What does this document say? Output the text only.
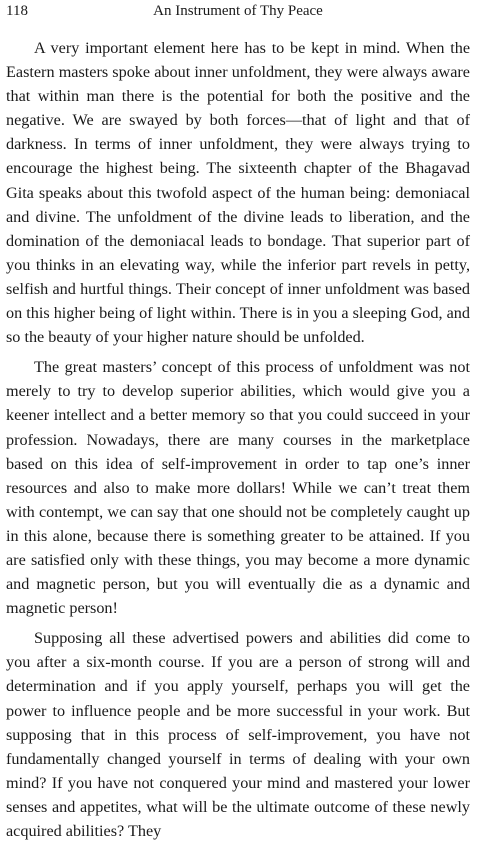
118	An Instrument of Thy Peace

A very important element here has to be kept in mind. When the Eastern masters spoke about inner unfoldment, they were always aware that within man there is the potential for both the positive and the negative. We are swayed by both forces—that of light and that of darkness. In terms of inner unfoldment, they were always trying to encourage the highest being. The sixteenth chapter of the Bhagavad Gita speaks about this twofold aspect of the human being: demoniacal and divine. The unfoldment of the divine leads to liberation, and the domination of the demoniacal leads to bondage. That superior part of you thinks in an elevating way, while the inferior part revels in petty, selfish and hurtful things. Their concept of inner unfoldment was based on this higher being of light within. There is in you a sleeping God, and so the beauty of your higher nature should be unfolded.

The great masters’ concept of this process of unfoldment was not merely to try to develop superior abilities, which would give you a keener intellect and a better memory so that you could succeed in your profession. Nowadays, there are many courses in the marketplace based on this idea of self-improvement in order to tap one’s inner resources and also to make more dollars! While we can’t treat them with contempt, we can say that one should not be completely caught up in this alone, because there is something greater to be attained. If you are satisfied only with these things, you may become a more dynamic and magnetic person, but you will eventually die as a dynamic and magnetic person!

Supposing all these advertised powers and abilities did come to you after a six-month course. If you are a person of strong will and determination and if you apply yourself, perhaps you will get the power to influence people and be more successful in your work. But supposing that in this process of self-improvement, you have not fundamentally changed yourself in terms of dealing with your own mind? If you have not conquered your mind and mastered your lower senses and appetites, what will be the ultimate outcome of these newly acquired abilities? They
